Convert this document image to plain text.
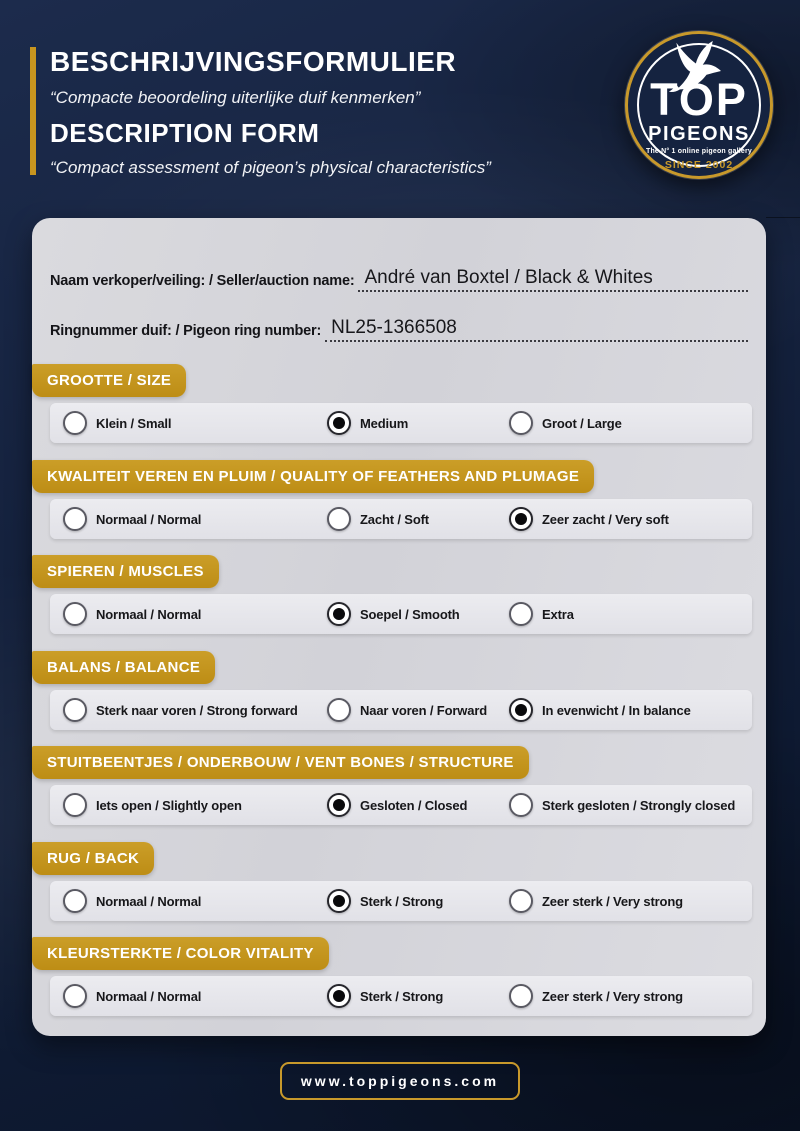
BESCHRIJVINGSFORMULIER
“Compacte beoordeling uiterlijke duif kenmerken”
DESCRIPTION FORM
“Compact assessment of pigeon’s physical characteristics”
TOP
PIGEONS
The N° 1 online pigeon gallery
SINCE 2002
Naam verkoper/veiling: / Seller/auction name: André van Boxtel / Black & Whites
Ringnummer duif: / Pigeon ring number: NL25-1366508
GROOTTE / SIZE
Klein / Small	Medium	Groot / Large
KWALITEIT VEREN EN PLUIM / QUALITY OF FEATHERS AND PLUMAGE
Normaal / Normal	Zacht / Soft	Zeer zacht / Very soft
SPIEREN / MUSCLES
Normaal / Normal	Soepel / Smooth	Extra
BALANS / BALANCE
Sterk naar voren / Strong forward	Naar voren / Forward	In evenwicht / In balance
STUITBEENTJES / ONDERBOUW / VENT BONES / STRUCTURE
Iets open / Slightly open	Gesloten / Closed	Sterk gesloten / Strongly closed
RUG / BACK
Normaal / Normal	Sterk / Strong	Zeer sterk / Very strong
KLEURSTERKTE / COLOR VITALITY
Normaal / Normal	Sterk / Strong	Zeer sterk / Very strong
www.toppigeons.com
